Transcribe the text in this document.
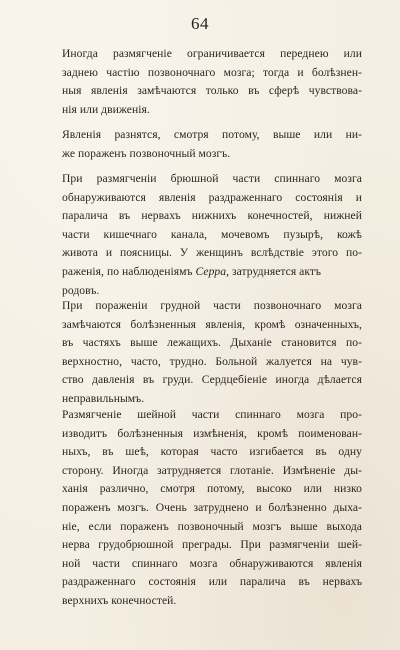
64
Иногда размягченіе ограничивается переднею или
заднею частію позвоночнаго мозга; тогда и болѣзнен-
ныя явленія замѣчаются только въ сферѣ чувствова-
нія или движенія.
Явленія разнятся, смотря потому, выше или ни-
же пораженъ позвоночный мозгъ.
При размягченіи брюшной части спиннаго мозга
обнаруживаются явленія раздраженнаго состоянія и
паралича въ нервахъ нижнихъ конечностей, нижней
части кишечнаго канала, мочевомъ пузырѣ, кожѣ
живота и поясницы. У женщинъ вслѣдствіе этого по-
раженія, по наблюденіямъ Серра, затрудняется актъ
родовъ.
При пораженіи грудной части позвоночнаго мозга
замѣчаются болѣзненныя явленія, кромѣ означенныхъ,
въ частяхъ выше лежащихъ. Дыханіе становится по-
верхностно, часто, трудно. Больной жалуется на чув-
ство давленія въ груди. Сердцебіеніе иногда дѣлается
неправильнымъ.
Размягченіе шейной части спиннаго мозга про-
изводитъ болѣзненныя измѣненія, кромѣ поименован-
ныхъ, въ шеѣ, которая часто изгибается въ одну
сторону. Иногда затрудняется глотаніе. Измѣненіе ды-
ханія различно, смотря потому, высоко или низко
пораженъ мозгъ. Очень затруднено и болѣзненно дыха-
ніе, если пораженъ позвоночный мозгъ выше выхода
нерва грудобрюшной преграды. При размягченіи шей-
ной части спиннаго мозга обнаруживаются явленія
раздраженнаго состоянія или паралича въ нервахъ
верхнихъ конечностей.
